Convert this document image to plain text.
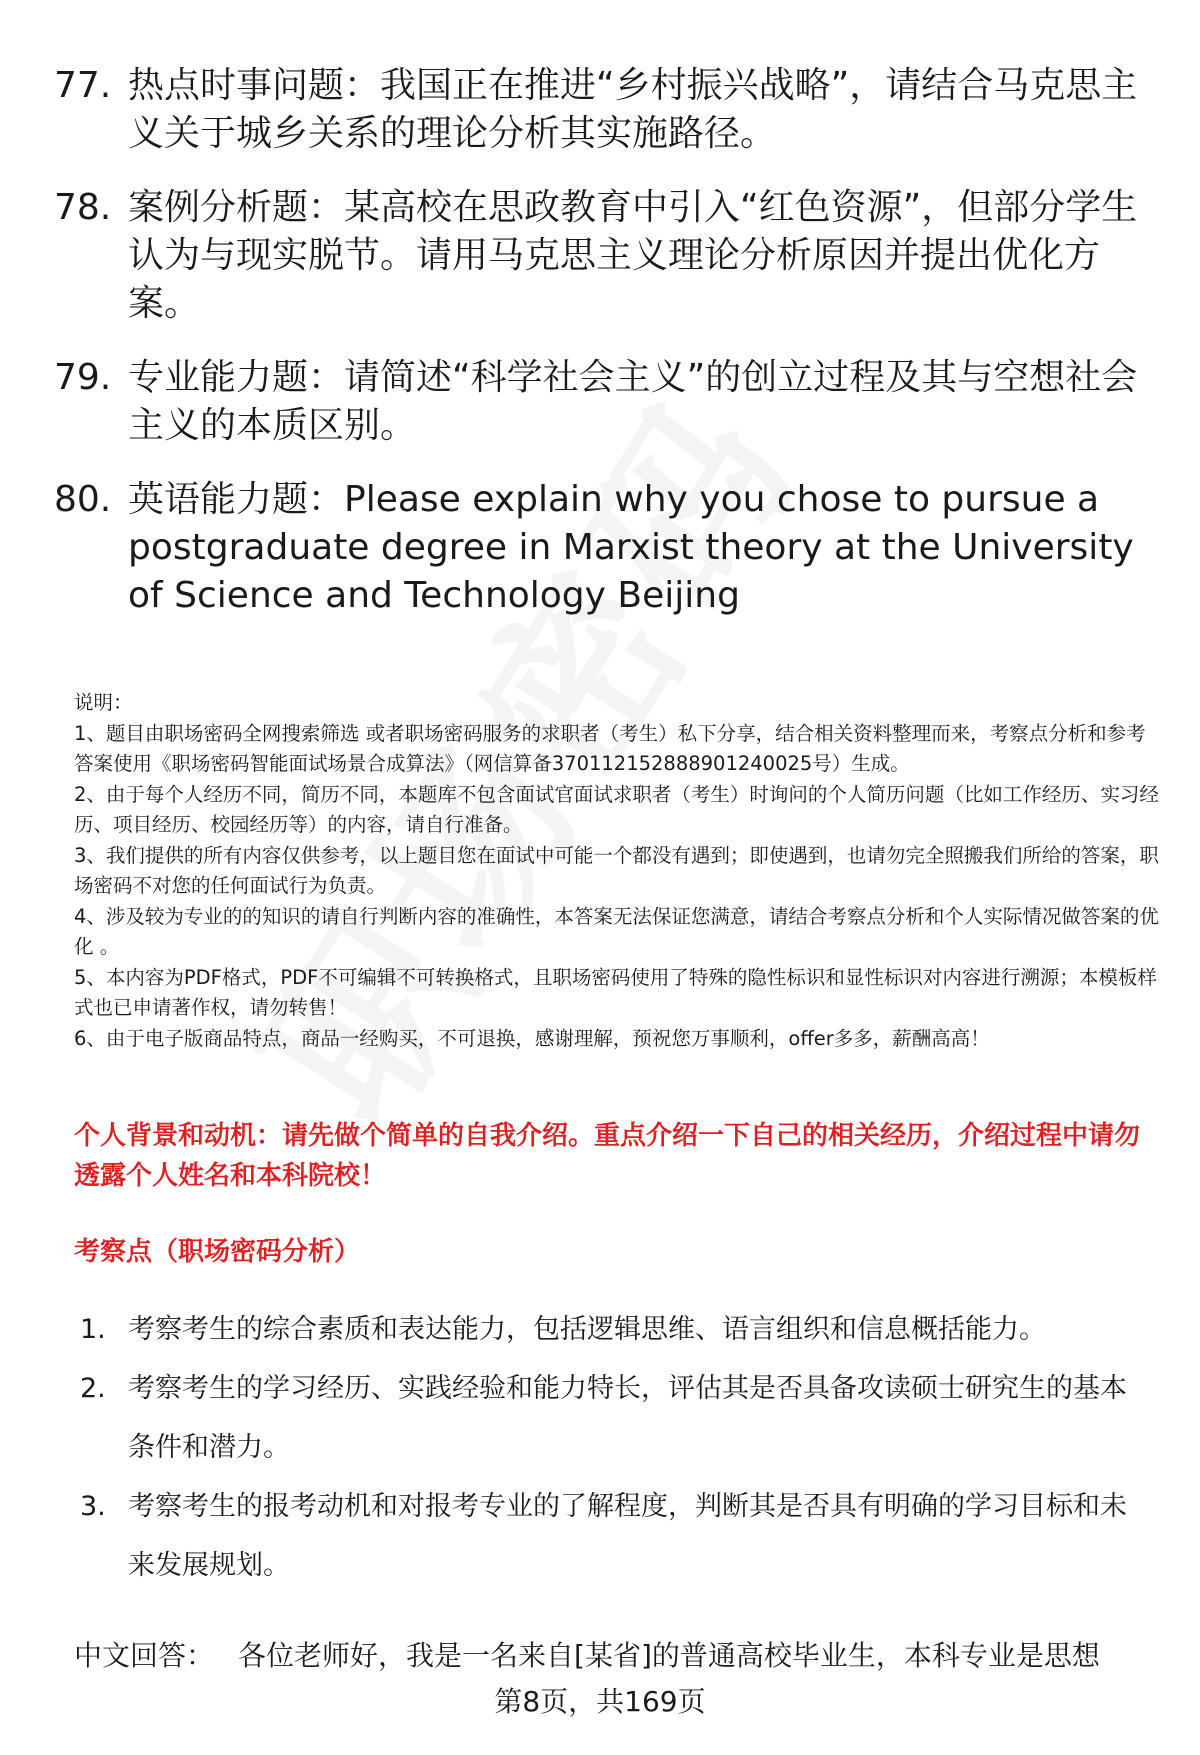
77. 热点时事问题：我国正在推进“乡村振兴战略”，请结合马克思主义关于城乡关系的理论分析其实施路径。
78. 案例分析题：某高校在思政教育中引入“红色资源”，但部分学生认为与现实脱节。请用马克思主义理论分析原因并提出优化方案。
79. 专业能力题：请简述“科学社会主义”的创立过程及其与空想社会主义的本质区别。
80. 英语能力题：Please explain why you chose to pursue a postgraduate degree in Marxist theory at the University of Science and Technology Beijing
说明：
1、题目由职场密码全网搜索筛选 或者职场密码服务的求职者（考生）私下分享，结合相关资料整理而来，考察点分析和参考答案使用《职场密码智能面试场景合成算法》（网信算备370112152888901240025号）生成。
2、由于每个人经历不同，简历不同，本题库不包含面试官面试求职者（考生）时询问的个人简历问题（比如工作经历、实习经历、项目经历、校园经历等）的内容，请自行准备。
3、我们提供的所有内容仅供参考，以上题目您在面试中可能一个都没有遇到；即使遇到，也请勿完全照搬我们所给的答案，职场密码不对您的任何面试行为负责。
4、涉及较为专业的的知识的请自行判断内容的准确性，本答案无法保证您满意，请结合考察点分析和个人实际情况做答案的优化 。
5、本内容为PDF格式，PDF不可编辑不可转换格式，且职场密码使用了特殊的隐性标识和显性标识对内容进行溯源；本模板样式也已申请著作权，请勿转售！
6、由于电子版商品特点，商品一经购买，不可退换，感谢理解，预祝您万事顺利，offer多多，薪酬高高！
个人背景和动机：请先做个简单的自我介绍。重点介绍一下自己的相关经历，介绍过程中请勿透露个人姓名和本科院校！
考察点（职场密码分析）
1. 考察考生的综合素质和表达能力，包括逻辑思维、语言组织和信息概括能力。
2. 考察考生的学习经历、实践经验和能力特长，评估其是否具备攻读硕士研究生的基本条件和潜力。
3. 考察考生的报考动机和对报考专业的了解程度，判断其是否具有明确的学习目标和未来发展规划。
中文回答： 各位老师好，我是一名来自[某省]的普通高校毕业生，本科专业是思想
第8页，共169页
